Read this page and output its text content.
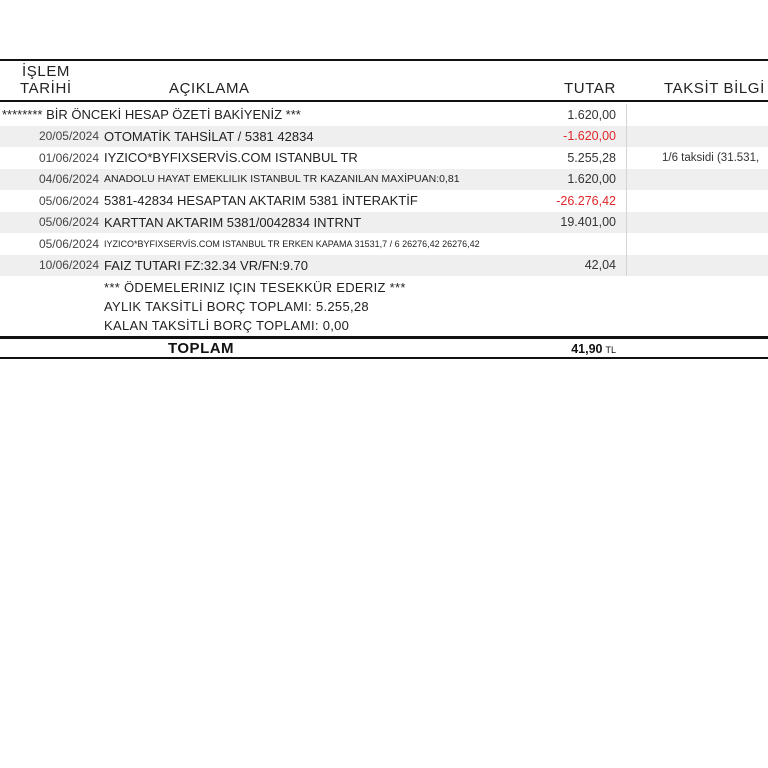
İŞLEM
TARİHİ	AÇIKLAMA	TUTAR	TAKSİT BİLGİ
******** BİR ÖNCEKİ HESAP ÖZETİ BAKİYENİZ ***	1.620,00
20/05/2024 OTOMATİK TAHSİLAT / 5381 42834	-1.620,00
01/06/2024 IYZICO*BYFIXSERVİS.COM ISTANBUL TR	5.255,28	1/6 taksidi (31.531,
04/06/2024 ANADOLU HAYAT EMEKLILIK ISTANBUL TR KAZANILAN MAXİPUAN:0,81	1.620,00
05/06/2024 5381-42834 HESAPTAN AKTARIM 5381 İNTERAKTİF	-26.276,42
05/06/2024 KARTTAN AKTARIM 5381/0042834 INTRNT	19.401,00
05/06/2024 IYZICO*BYFIXSERVİS.COM ISTANBUL TR ERKEN KAPAMA 31531,7 / 6 26276,42 26276,42
10/06/2024 FAIZ TUTARI FZ:32.34 VR/FN:9.70	42,04
*** ÖDEMELERINIZ IÇIN TESEKKÜR EDERIZ ***
AYLIK TAKSİTLİ BORÇ TOPLAMI: 5.255,28
KALAN TAKSİTLİ BORÇ TOPLAMI: 0,00
TOPLAM	41,90 TL
